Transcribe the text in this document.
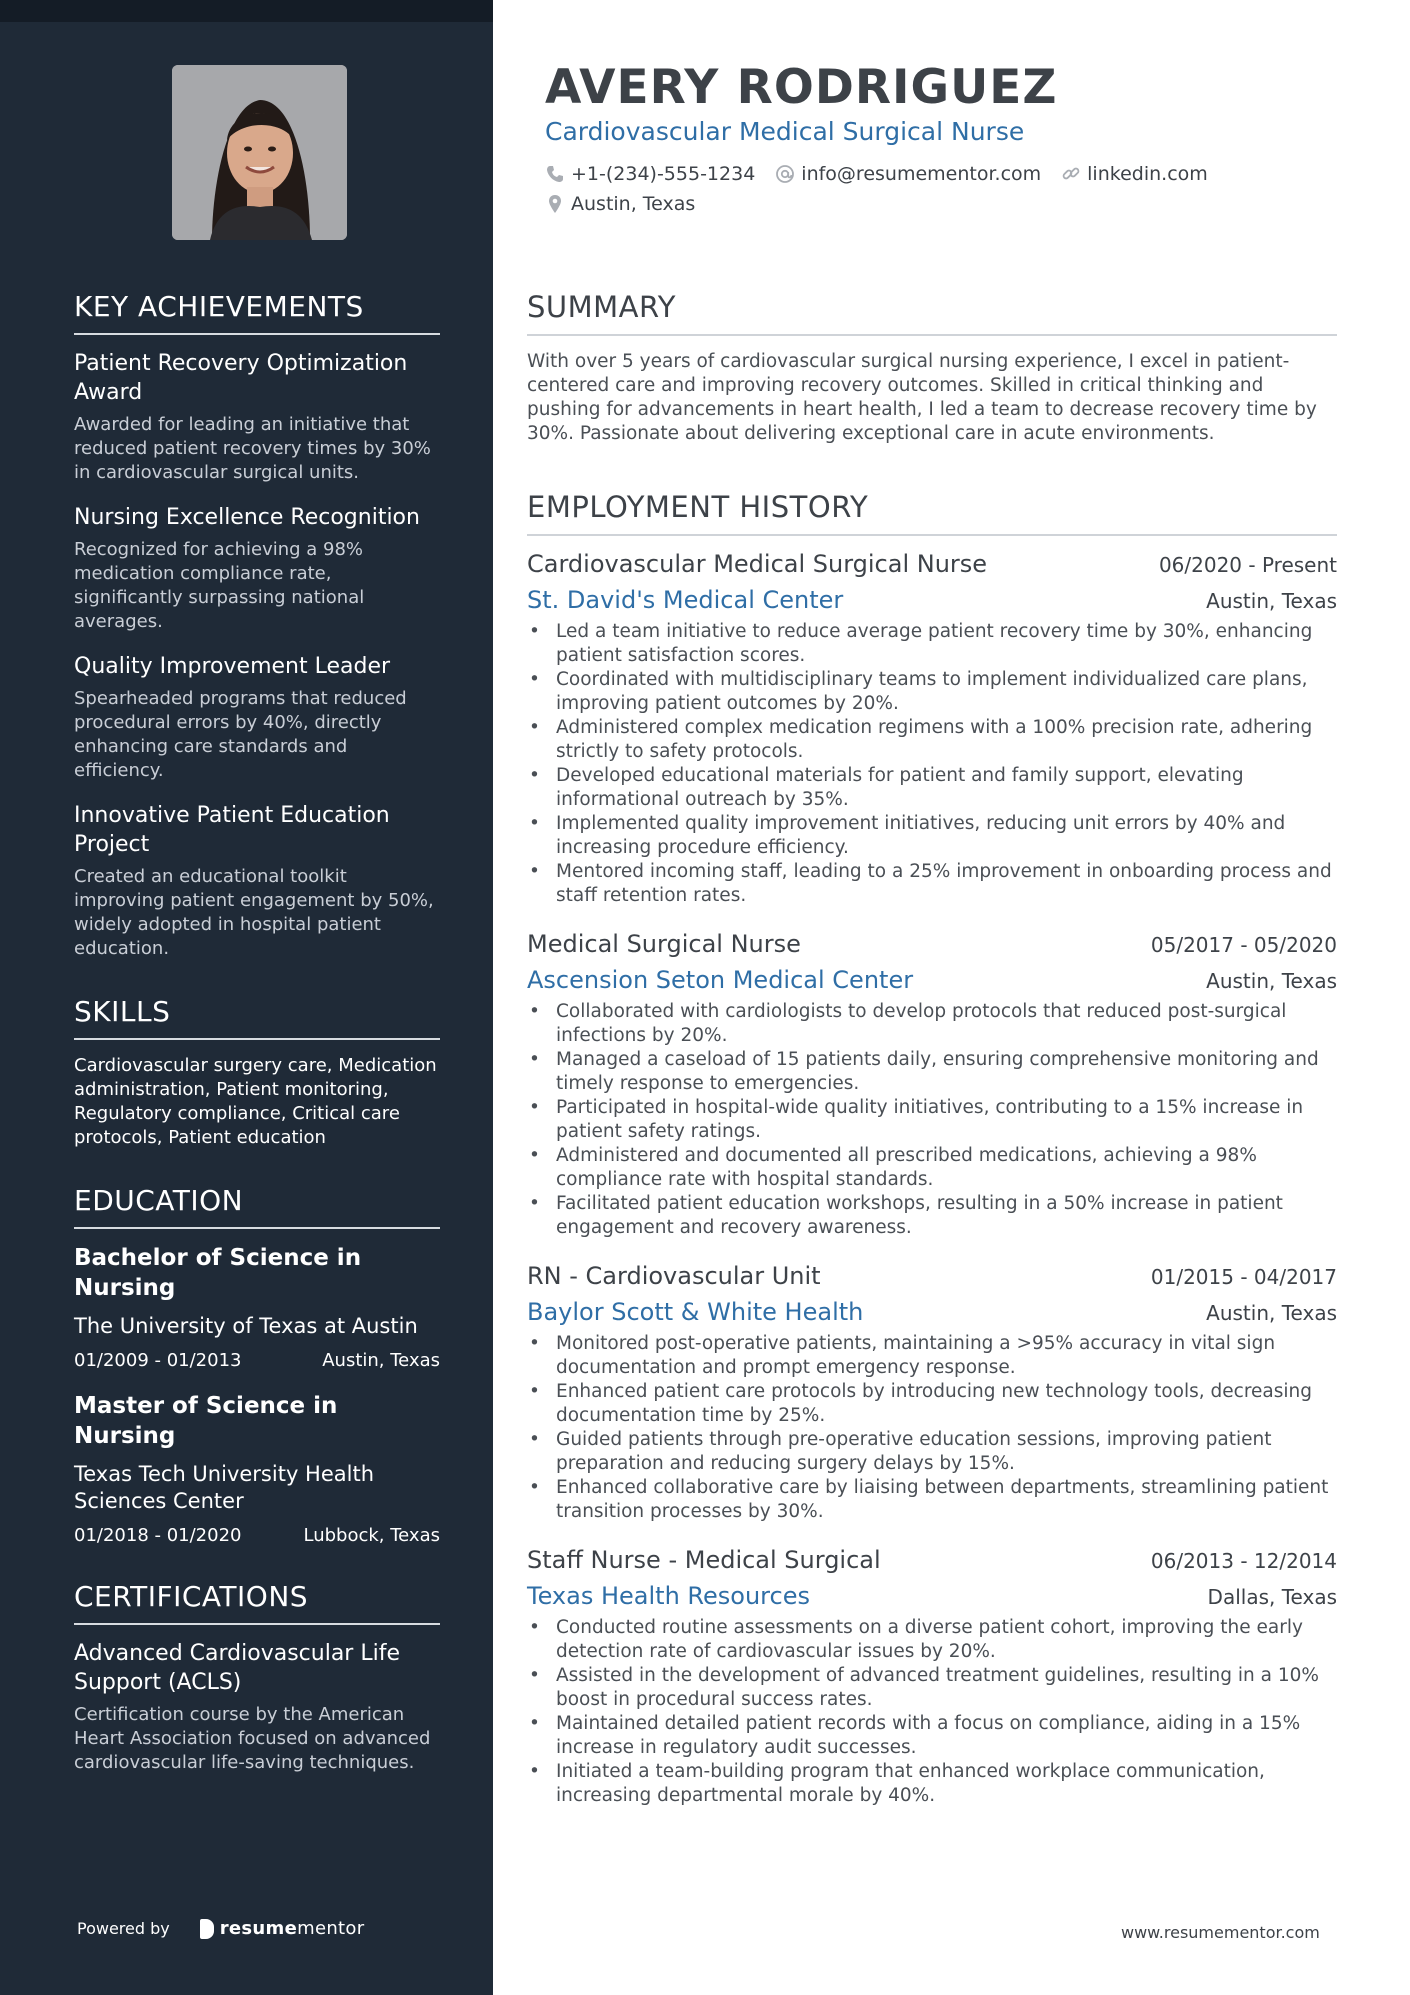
KEY ACHIEVEMENTS
Patient Recovery Optimization Award
Awarded for leading an initiative that reduced patient recovery times by 30% in cardiovascular surgical units.
Nursing Excellence Recognition
Recognized for achieving a 98% medication compliance rate, significantly surpassing national averages.
Quality Improvement Leader
Spearheaded programs that reduced procedural errors by 40%, directly enhancing care standards and efficiency.
Innovative Patient Education Project
Created an educational toolkit improving patient engagement by 50%, widely adopted in hospital patient education.
SKILLS
Cardiovascular surgery care, Medication administration, Patient monitoring, Regulatory compliance, Critical care protocols, Patient education
EDUCATION
Bachelor of Science in Nursing
The University of Texas at Austin
01/2009 - 01/2013	Austin, Texas
Master of Science in Nursing
Texas Tech University Health Sciences Center
01/2018 - 01/2020	Lubbock, Texas
CERTIFICATIONS
Advanced Cardiovascular Life Support (ACLS)
Certification course by the American Heart Association focused on advanced cardiovascular life-saving techniques.
Powered by	resume mentor
AVERY RODRIGUEZ
Cardiovascular Medical Surgical Nurse
+1-(234)-555-1234 info@resumementor.com linkedin.com
Austin, Texas
SUMMARY
With over 5 years of cardiovascular surgical nursing experience, I excel in patient-centered care and improving recovery outcomes. Skilled in critical thinking and pushing for advancements in heart health, I led a team to decrease recovery time by 30%. Passionate about delivering exceptional care in acute environments.
EMPLOYMENT HISTORY
Cardiovascular Medical Surgical Nurse	06/2020 - Present
St. David's Medical Center	Austin, Texas
• Led a team initiative to reduce average patient recovery time by 30%, enhancing patient satisfaction scores.
• Coordinated with multidisciplinary teams to implement individualized care plans, improving patient outcomes by 20%.
• Administered complex medication regimens with a 100% precision rate, adhering strictly to safety protocols.
• Developed educational materials for patient and family support, elevating informational outreach by 35%.
• Implemented quality improvement initiatives, reducing unit errors by 40% and increasing procedure efficiency.
• Mentored incoming staff, leading to a 25% improvement in onboarding process and staff retention rates.
Medical Surgical Nurse	05/2017 - 05/2020
Ascension Seton Medical Center	Austin, Texas
• Collaborated with cardiologists to develop protocols that reduced post-surgical infections by 20%.
• Managed a caseload of 15 patients daily, ensuring comprehensive monitoring and timely response to emergencies.
• Participated in hospital-wide quality initiatives, contributing to a 15% increase in patient safety ratings.
• Administered and documented all prescribed medications, achieving a 98% compliance rate with hospital standards.
• Facilitated patient education workshops, resulting in a 50% increase in patient engagement and recovery awareness.
RN - Cardiovascular Unit	01/2015 - 04/2017
Baylor Scott & White Health	Austin, Texas
• Monitored post-operative patients, maintaining a >95% accuracy in vital sign documentation and prompt emergency response.
• Enhanced patient care protocols by introducing new technology tools, decreasing documentation time by 25%.
• Guided patients through pre-operative education sessions, improving patient preparation and reducing surgery delays by 15%.
• Enhanced collaborative care by liaising between departments, streamlining patient transition processes by 30%.
Staff Nurse - Medical Surgical	06/2013 - 12/2014
Texas Health Resources	Dallas, Texas
• Conducted routine assessments on a diverse patient cohort, improving the early detection rate of cardiovascular issues by 20%.
• Assisted in the development of advanced treatment guidelines, resulting in a 10% boost in procedural success rates.
• Maintained detailed patient records with a focus on compliance, aiding in a 15% increase in regulatory audit successes.
• Initiated a team-building program that enhanced workplace communication, increasing departmental morale by 40%.
www.resumementor.com
